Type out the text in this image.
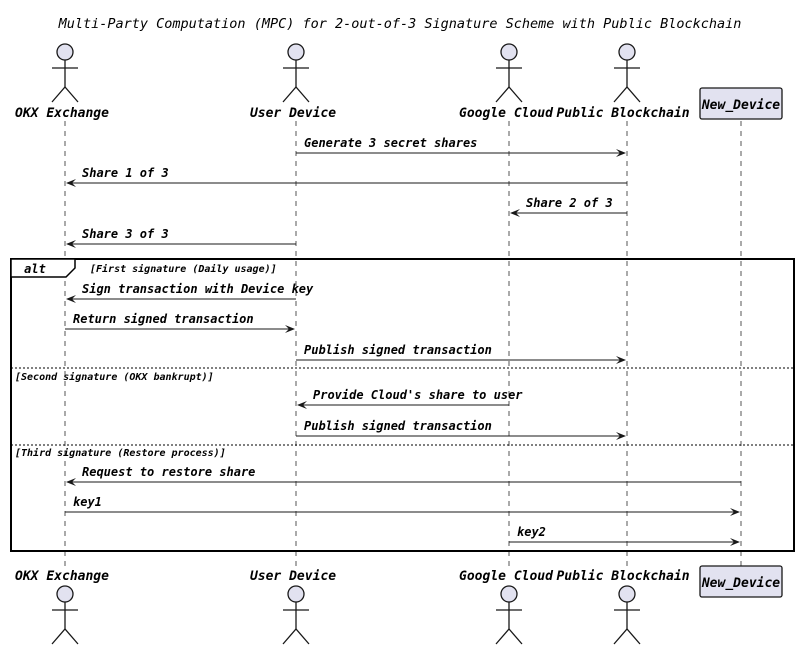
Multi-Party Computation (MPC) for 2-out-of-3 Signature Scheme with Public Blockchain
alt	[First signature (Daily usage)]
[Second signature (OKX bankrupt)]
[Third signature (Restore process)]
Generate 3 secret shares
Share 1 of 3
Share 2 of 3
Share 3 of 3
Sign transaction with Device key
Return signed transaction
Publish signed transaction
Provide Cloud's share to user
Publish signed transaction
Request to restore share
key1
key2
OKX Exchange
OKX Exchange
User Device
User Device
Google Cloud
Google Cloud
Public Blockchain
Public Blockchain
New_Device
New_Device
